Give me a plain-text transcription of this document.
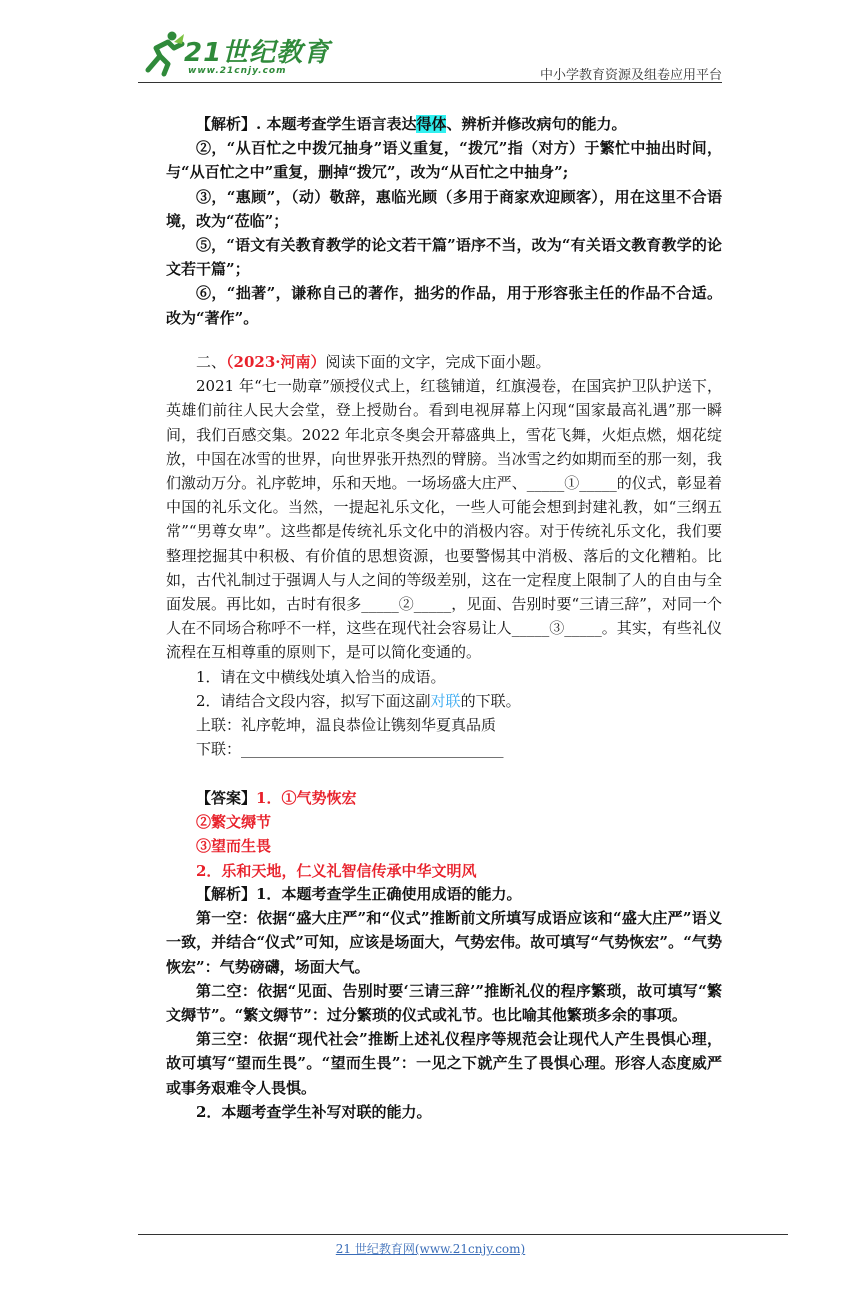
21世纪教育
www.21cnjy.com	中小学教育资源及组卷应用平台

【解析】. 本题考查学生语言表达得体、辨析并修改病句的能力。

②，“从百忙之中拨冗抽身”语义重复，“拨冗”指（对方）于繁忙中抽出时间，与“从百忙之中”重复，删掉“拨冗”，改为“从百忙之中抽身”;

③，“惠顾”，（动）敬辞，惠临光顾（多用于商家欢迎顾客），用在这里不合语境，改为“莅临”；

⑤，“语文有关教育教学的论文若干篇”语序不当，改为“有关语文教育教学的论文若干篇”；

⑥，“拙著”，谦称自己的著作，拙劣的作品，用于形容张主任的作品不合适。改为“著作”。

二、（2023·河南）阅读下面的文字，完成下面小题。

2021 年“七一勋章”颁授仪式上，红毯铺道，红旗漫卷，在国宾护卫队护送下，英雄们前往人民大会堂，登上授勋台。看到电视屏幕上闪现“国家最高礼遇”那一瞬间，我们百感交集。2022 年北京冬奥会开幕盛典上，雪花飞舞，火炬点燃，烟花绽放，中国在冰雪的世界，向世界张开热烈的臂膀。当冰雪之约如期而至的那一刻，我们激动万分。礼序乾坤，乐和天地。一场场盛大庄严、_____①_____的仪式，彰显着中国的礼乐文化。当然，一提起礼乐文化，一些人可能会想到封建礼教，如“三纲五常”“男尊女卑”。这些都是传统礼乐文化中的消极内容。对于传统礼乐文化，我们要整理挖掘其中积极、有价值的思想资源，也要警惕其中消极、落后的文化糟粕。比如，古代礼制过于强调人与人之间的等级差别，这在一定程度上限制了人的自由与全面发展。再比如，古时有很多_____②_____，见面、告别时要“三请三辞”，对同一个人在不同场合称呼不一样，这些在现代社会容易让人_____③_____。其实，有些礼仪流程在互相尊重的原则下，是可以简化变通的。

1．请在文中横线处填入恰当的成语。

2．请结合文段内容，拟写下面这副对联的下联。

上联：礼序乾坤，温良恭俭让镌刻华夏真品质

下联：___________________________________

【答案】1．①气势恢宏

②繁文缛节

③望而生畏

2．乐和天地，仁义礼智信传承中华文明风

【解析】1．本题考查学生正确使用成语的能力。

第一空：依据“盛大庄严”和“仪式”推断前文所填写成语应该和“盛大庄严”语义一致，并结合“仪式”可知，应该是场面大，气势宏伟。故可填写“气势恢宏”。“气势恢宏”：气势磅礴，场面大气。

第二空：依据“见面、告别时要‘三请三辞’”推断礼仪的程序繁琐，故可填写“繁文缛节”。“繁文缛节”：过分繁琐的仪式或礼节。也比喻其他繁琐多余的事项。

第三空：依据“现代社会”推断上述礼仪程序等规范会让现代人产生畏惧心理，故可填写“望而生畏”。“望而生畏”：一见之下就产生了畏惧心理。形容人态度威严或事务艰难令人畏惧。

2．本题考查学生补写对联的能力。

21 世纪教育网(www.21cnjy.com)
